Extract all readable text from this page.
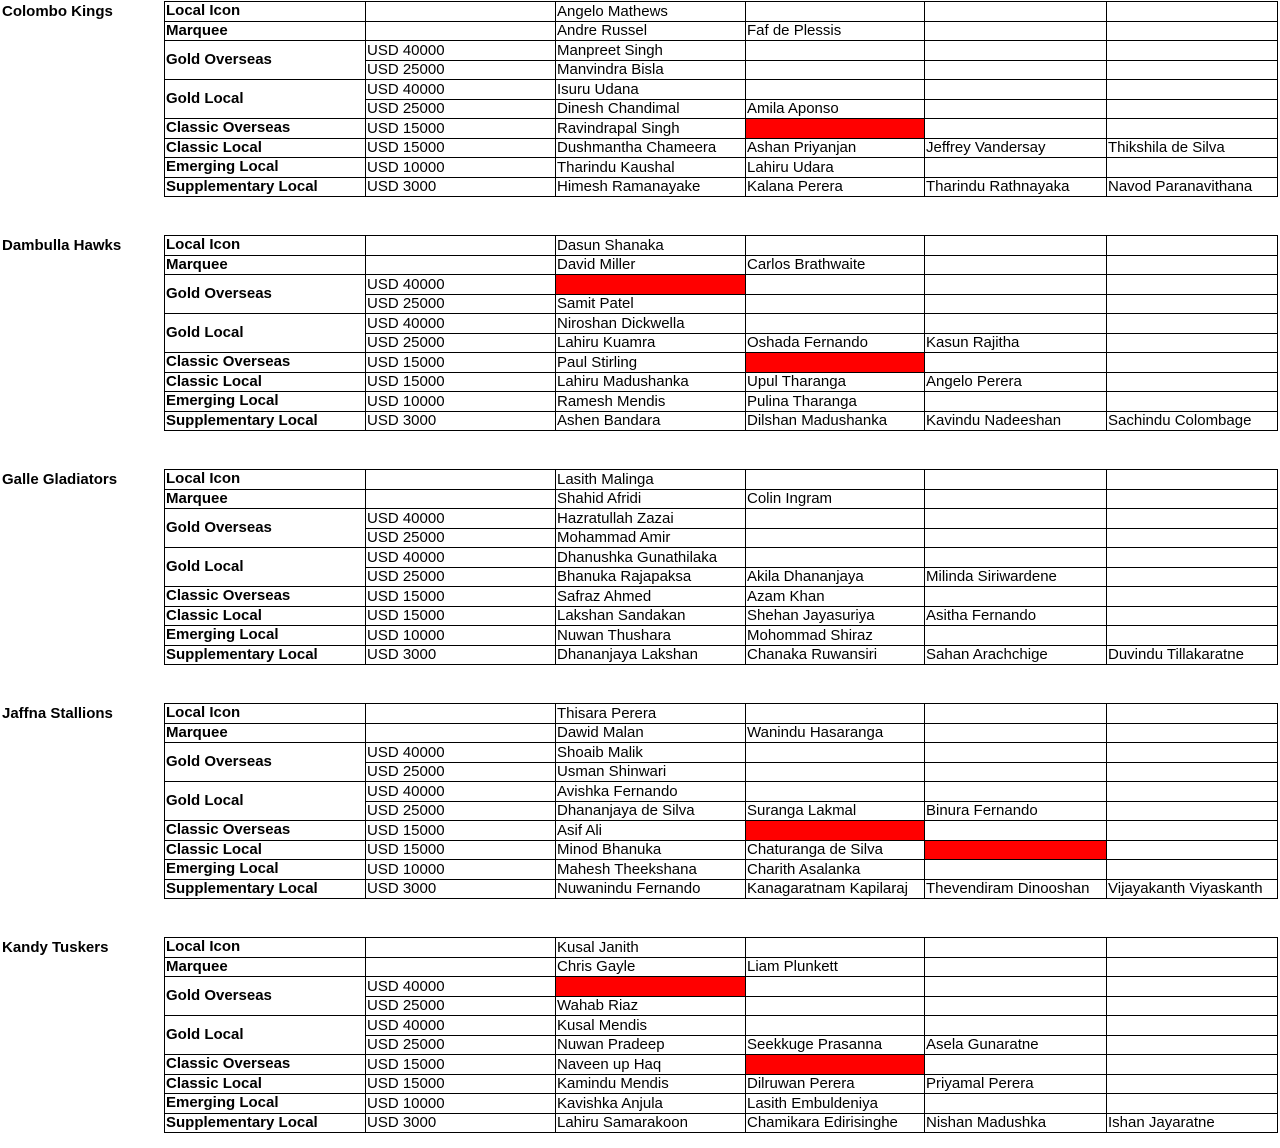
Colombo Kings	Local Icon		Angelo Mathews			
Marquee		Andre Russel	Faf de Plessis		
Gold Overseas	USD 40000	Manpreet Singh			
	USD 25000	Manvindra Bisla			
Gold Local	USD 40000	Isuru Udana			
	USD 25000	Dinesh Chandimal	Amila Aponso		
Classic Overseas	USD 15000	Ravindrapal Singh			
Classic Local	USD 15000	Dushmantha Chameera	Ashan Priyanjan	Jeffrey Vandersay	Thikshila de Silva
Emerging Local	USD 10000	Tharindu Kaushal	Lahiru Udara		
Supplementary Local	USD 3000	Himesh Ramanayake	Kalana Perera	Tharindu Rathnayaka	Navod Paranavithana
Dambulla Hawks	Local Icon		Dasun Shanaka			
Marquee		David Miller	Carlos Brathwaite		
Gold Overseas	USD 40000				
	USD 25000	Samit Patel			
Gold Local	USD 40000	Niroshan Dickwella			
	USD 25000	Lahiru Kuamra	Oshada Fernando	Kasun Rajitha	
Classic Overseas	USD 15000	Paul Stirling			
Classic Local	USD 15000	Lahiru Madushanka	Upul Tharanga	Angelo Perera	
Emerging Local	USD 10000	Ramesh Mendis	Pulina Tharanga		
Supplementary Local	USD 3000	Ashen Bandara	Dilshan Madushanka	Kavindu Nadeeshan	Sachindu Colombage
Galle Gladiators	Local Icon		Lasith Malinga			
Marquee		Shahid Afridi	Colin Ingram		
Gold Overseas	USD 40000	Hazratullah Zazai			
	USD 25000	Mohammad Amir			
Gold Local	USD 40000	Dhanushka Gunathilaka			
	USD 25000	Bhanuka Rajapaksa	Akila Dhananjaya	Milinda Siriwardene	
Classic Overseas	USD 15000	Safraz Ahmed	Azam Khan		
Classic Local	USD 15000	Lakshan Sandakan	Shehan Jayasuriya	Asitha Fernando	
Emerging Local	USD 10000	Nuwan Thushara	Mohommad Shiraz		
Supplementary Local	USD 3000	Dhananjaya Lakshan	Chanaka Ruwansiri	Sahan Arachchige	Duvindu Tillakaratne
Jaffna Stallions	Local Icon		Thisara Perera			
Marquee		Dawid Malan	Wanindu Hasaranga		
Gold Overseas	USD 40000	Shoaib Malik			
	USD 25000	Usman Shinwari			
Gold Local	USD 40000	Avishka Fernando			
	USD 25000	Dhananjaya de Silva	Suranga Lakmal	Binura Fernando	
Classic Overseas	USD 15000	Asif Ali			
Classic Local	USD 15000	Minod Bhanuka	Chaturanga de Silva		
Emerging Local	USD 10000	Mahesh Theekshana	Charith Asalanka		
Supplementary Local	USD 3000	Nuwanindu Fernando	Kanagaratnam Kapilaraj	Thevendiram Dinooshan	Vijayakanth Viyaskanth
Kandy Tuskers	Local Icon		Kusal Janith			
Marquee		Chris Gayle	Liam Plunkett		
Gold Overseas	USD 40000				
	USD 25000	Wahab Riaz			
Gold Local	USD 40000	Kusal Mendis			
	USD 25000	Nuwan Pradeep	Seekkuge Prasanna	Asela Gunaratne	
Classic Overseas	USD 15000	Naveen up Haq			
Classic Local	USD 15000	Kamindu Mendis	Dilruwan Perera	Priyamal Perera	
Emerging Local	USD 10000	Kavishka Anjula	Lasith Embuldeniya		
Supplementary Local	USD 3000	Lahiru Samarakoon	Chamikara Edirisinghe	Nishan Madushka	Ishan Jayaratne
